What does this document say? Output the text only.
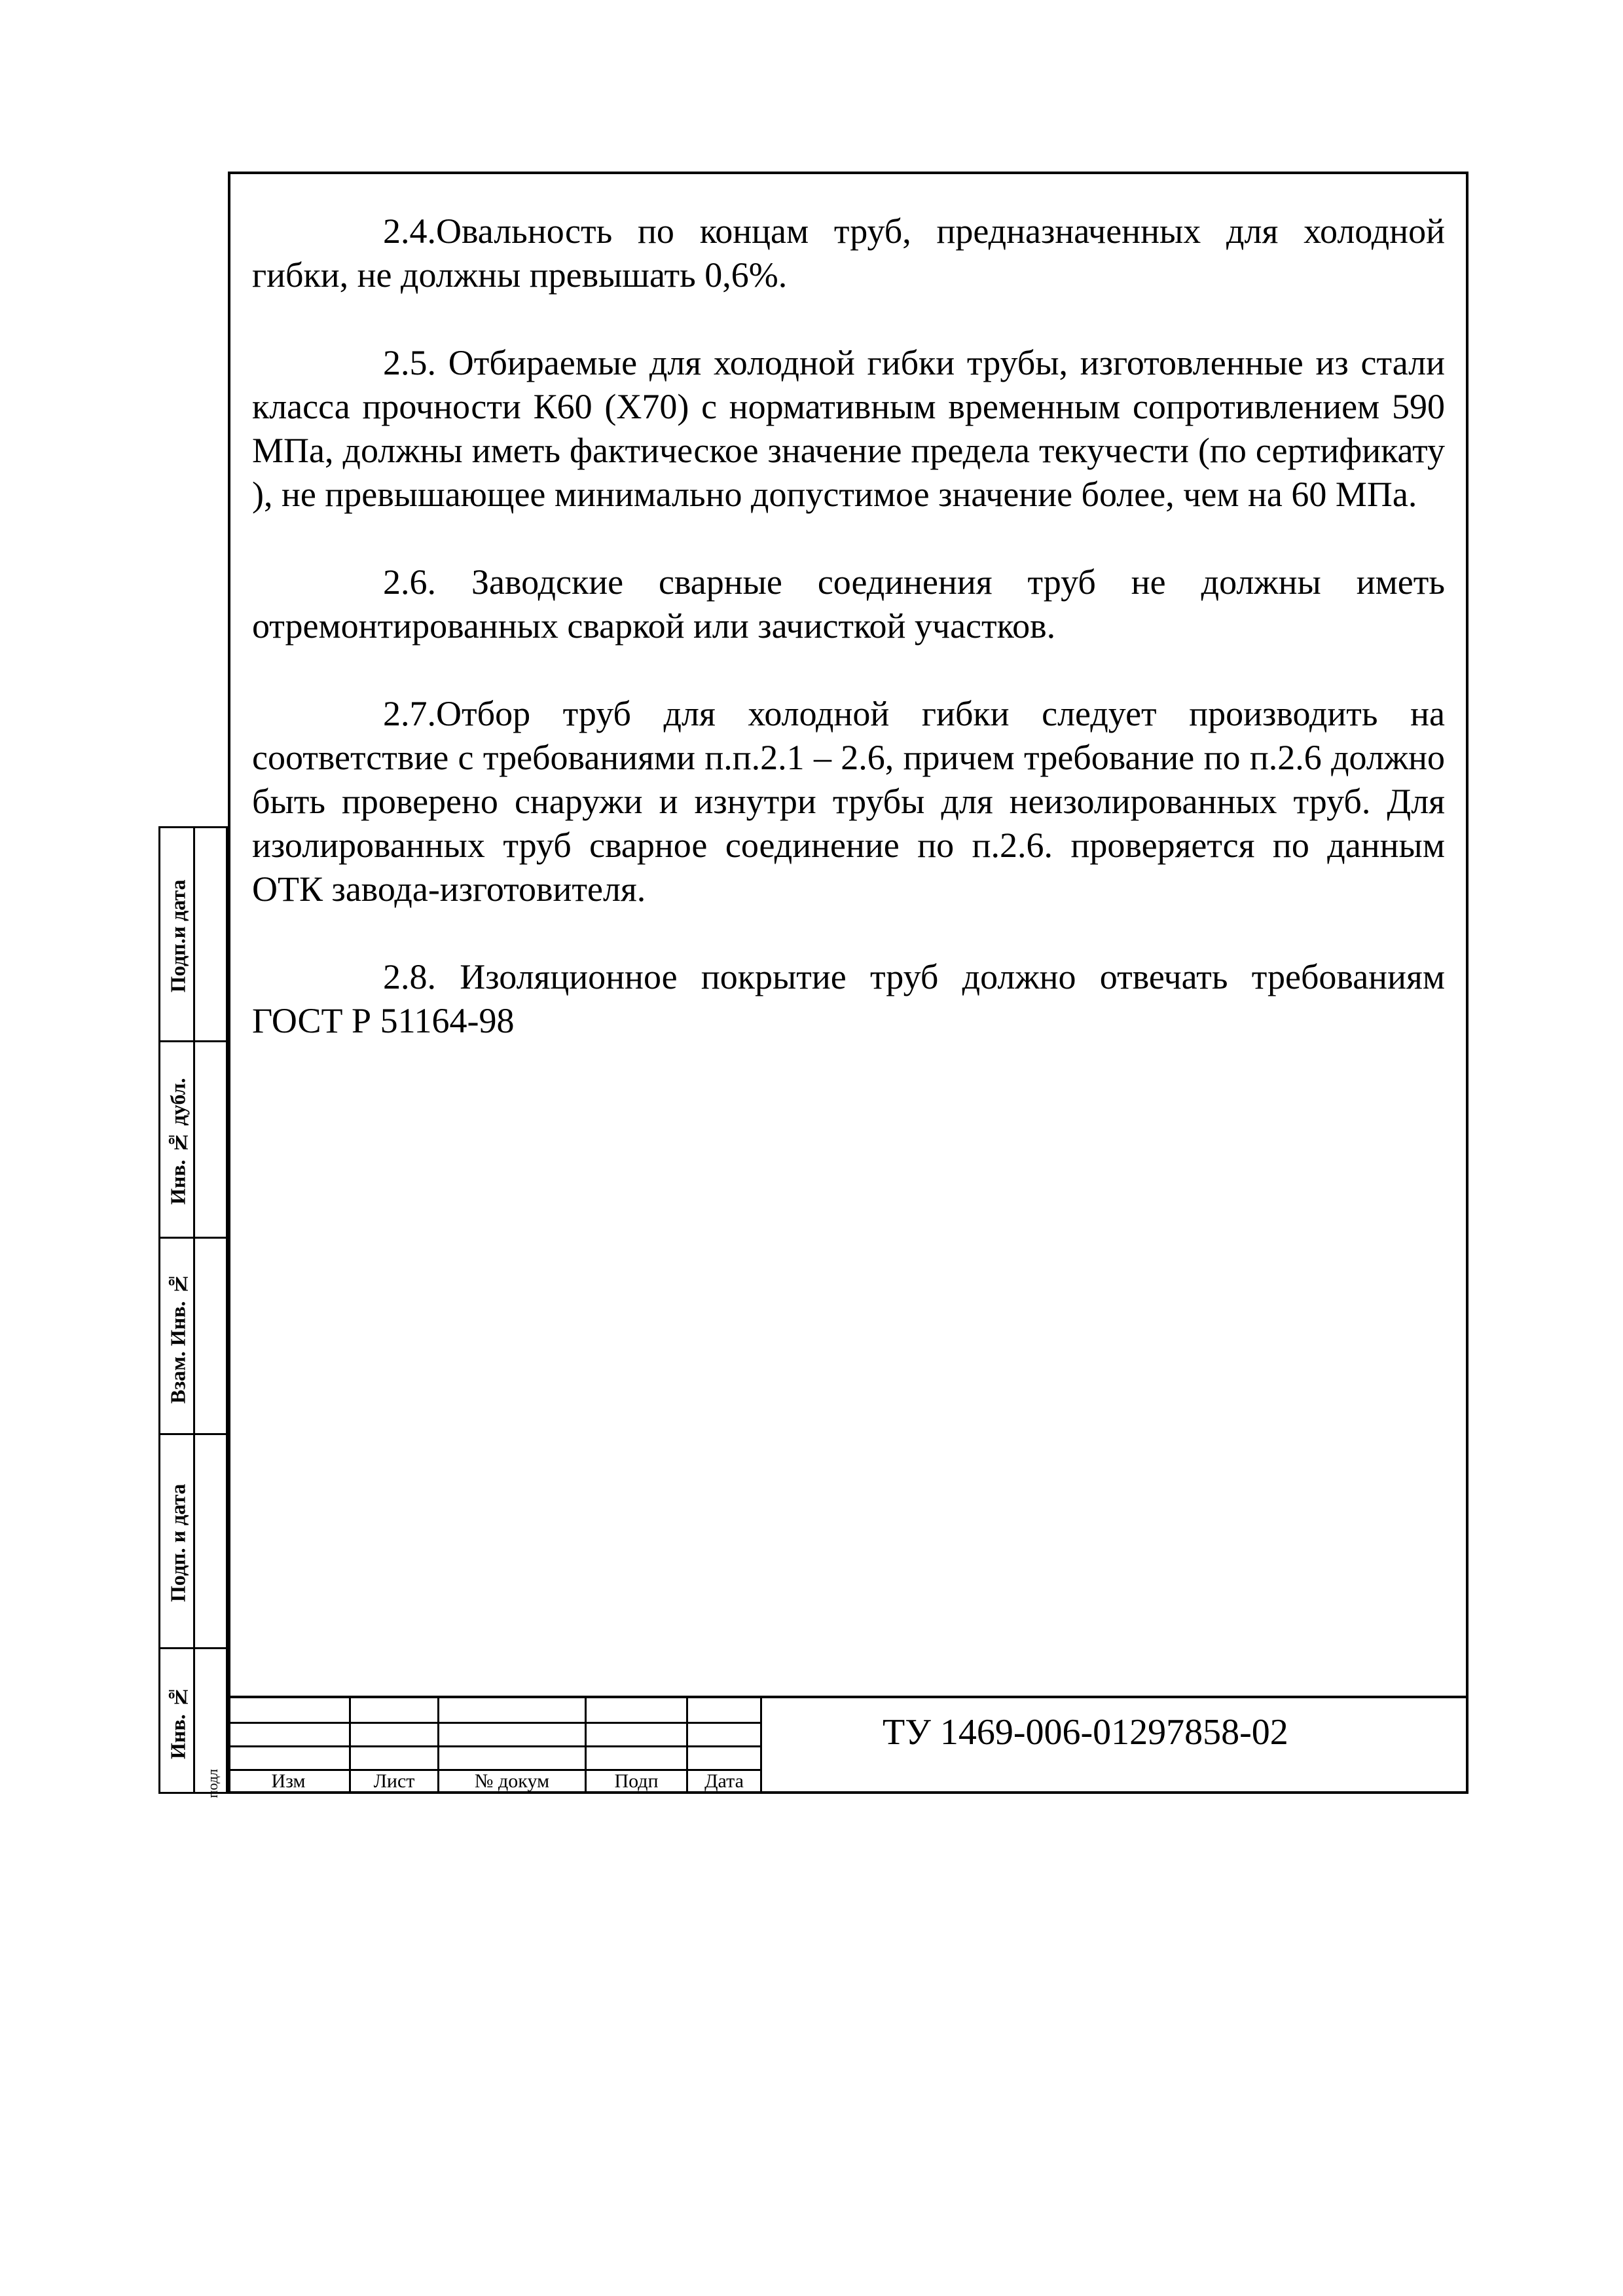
2.4.Овальность по концам труб, предназначенных для холодной гибки, не должны превышать 0,6%.

2.5. Отбираемые для холодной гибки трубы, изготовленные из стали класса прочности К60 (Х70) с нормативным временным сопротивлением 590 МПа, должны иметь фактическое значение предела текучести (по сертификату ), не превышающее минимально допустимое значение более, чем на 60 МПа.

2.6. Заводские сварные соединения труб не должны иметь отремонтированных сваркой или зачисткой участков.

2.7.Отбор труб для холодной гибки следует производить на соответствие с требованиями п.п.2.1 – 2.6, причем требование по п.2.6 должно быть проверено снаружи и изнутри трубы для неизолированных труб. Для изолированных труб сварное соединение по п.2.6. проверяется по данным ОТК завода-изготовителя.

2.8. Изоляционное покрытие труб должно отвечать требованиям ГОСТ Р 51164-98

Подп.и дата
Инв. № дубл.
Взам. Инв. №
Подп. и дата
Инв. №
Изм	Лист	№ докум	Подп	Дата
подл
ТУ 1469-006-01297858-02
